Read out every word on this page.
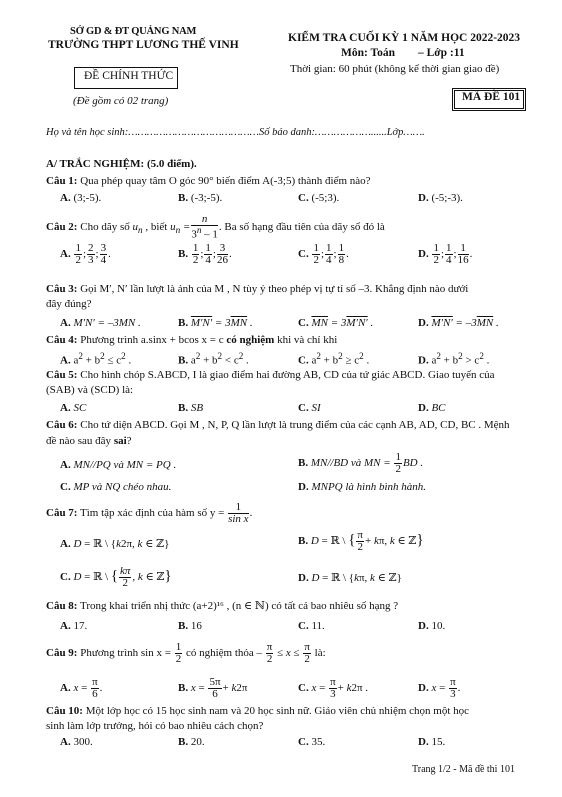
SỞ GD & ĐT QUẢNG NAM
TRƯỜNG THPT LƯƠNG THẾ VINH
ĐỀ CHÍNH THỨC
(Đề gồm có 02 trang)
KIỂM TRA CUỐI KỲ 1 NĂM HỌC 2022-2023
Môn: Toán – Lớp :11
Thời gian: 60 phút (không kể thời gian giao đề)
MÃ ĐỀ 101
Họ và tên học sinh:……………………………………Số báo danh:………………......Lớp…….
A/ TRẮC NGHIỆM: (5.0 điểm).
Câu 1: Qua phép quay tâm O góc 90° biến điểm A(-3;5) thành điểm nào?
A. (3;-5).	B. (-3;-5).	C. (-5;3).	D. (-5;-3).
Câu 2: Cho dãy số $u_n$ , biết $u_n = \frac{n}{3^n - 1}$ . Ba số hạng đầu tiên của dãy số đó là
A. $\frac{1}{2}$ ; $\frac{2}{3}$ ; $\frac{3}{4}$ .	B. $\frac{1}{2}$ ; $\frac{1}{4}$ ; $\frac{3}{26}$ .	C. $\frac{1}{2}$ ; $\frac{1}{4}$ ; $\frac{1}{8}$ .	D. $\frac{1}{2}$ ; $\frac{1}{4}$ ; $\frac{1}{16}$ .
Câu 3: Gọi M′, N′ lần lượt là ảnh của M , N tùy ý theo phép vị tự tỉ số –3. Khẳng định nào dưới
đây đúng?
A. M′N′ = –3MN .	B. $M'N' = 3\overline{MN}$ .	C. $\overline{MN} = 3M'N'$ .	D. $M'N' = -3\overline{MN}$ .
Câu 4: Phương trình a.sinx + bcos x = c có nghiệm khi và chỉ khi
A. $a^2 + b^2 \le c^2$ .	B. $a^2 + b^2 < c^2$ .	C. $a^2 + b^2 \ge c^2$ .	D. $a^2 + b^2 > c^2$ .
Câu 5: Cho hình chóp S.ABCD, I là giao điểm hai đường AB, CD của tứ giác ABCD. Giao tuyến của
(SAB) và (SCD) là:
A. SC	B. SB	C. SI	D. BC
Câu 6: Cho tứ diện ABCD. Gọi M , N, P, Q lần lượt là trung điểm của các cạnh AB, AD, CD, BC . Mệnh
đề nào sau đây sai?
A. MN//PQ và MN = PQ .	B. MN//BD và MN = $\frac{1}{2}$ BD .
C. MP và NQ chéo nhau.	D. MNPQ là hình bình hành.
Câu 7: Tìm tập xác định của hàm số $y = \frac{1}{\text{sin x}}$ .
A. D = ℝ \ {k2π, k ∈ ℤ}	B. D = ℝ \ { $\frac{\pi}{2} + k\pi$, k ∈ ℤ}
C. D = ℝ \ { $\frac{k\pi}{2}$ , k ∈ ℤ}	D. D = ℝ \ {kπ, k ∈ ℤ}
Câu 8: Trong khai triển nhị thức (a+2)¹⁶ , (n ∈ ℕ) có tất cả bao nhiêu số hạng ?
A. 17.	B. 16	C. 11.	D. 10.
Câu 9: Phương trình $\sin x = \frac{1}{2}$ có nghiệm thỏa – $\frac{\pi}{2} \le x \le \frac{\pi}{2}$ là:
A. $x = \frac{\pi}{6}$ .	B. $x = \frac{5\pi}{6} + k2\pi$	C. $x = \frac{\pi}{3} + k2\pi$ .	D. $x = \frac{\pi}{3}$ .
Câu 10: Một lớp học có 15 học sinh nam và 20 học sinh nữ. Giáo viên chủ nhiệm chọn một học
sinh làm lớp trưởng, hỏi có bao nhiêu cách chọn?
A. 300.	B. 20.	C. 35.	D. 15.
Trang 1/2 - Mã đề thi 101
